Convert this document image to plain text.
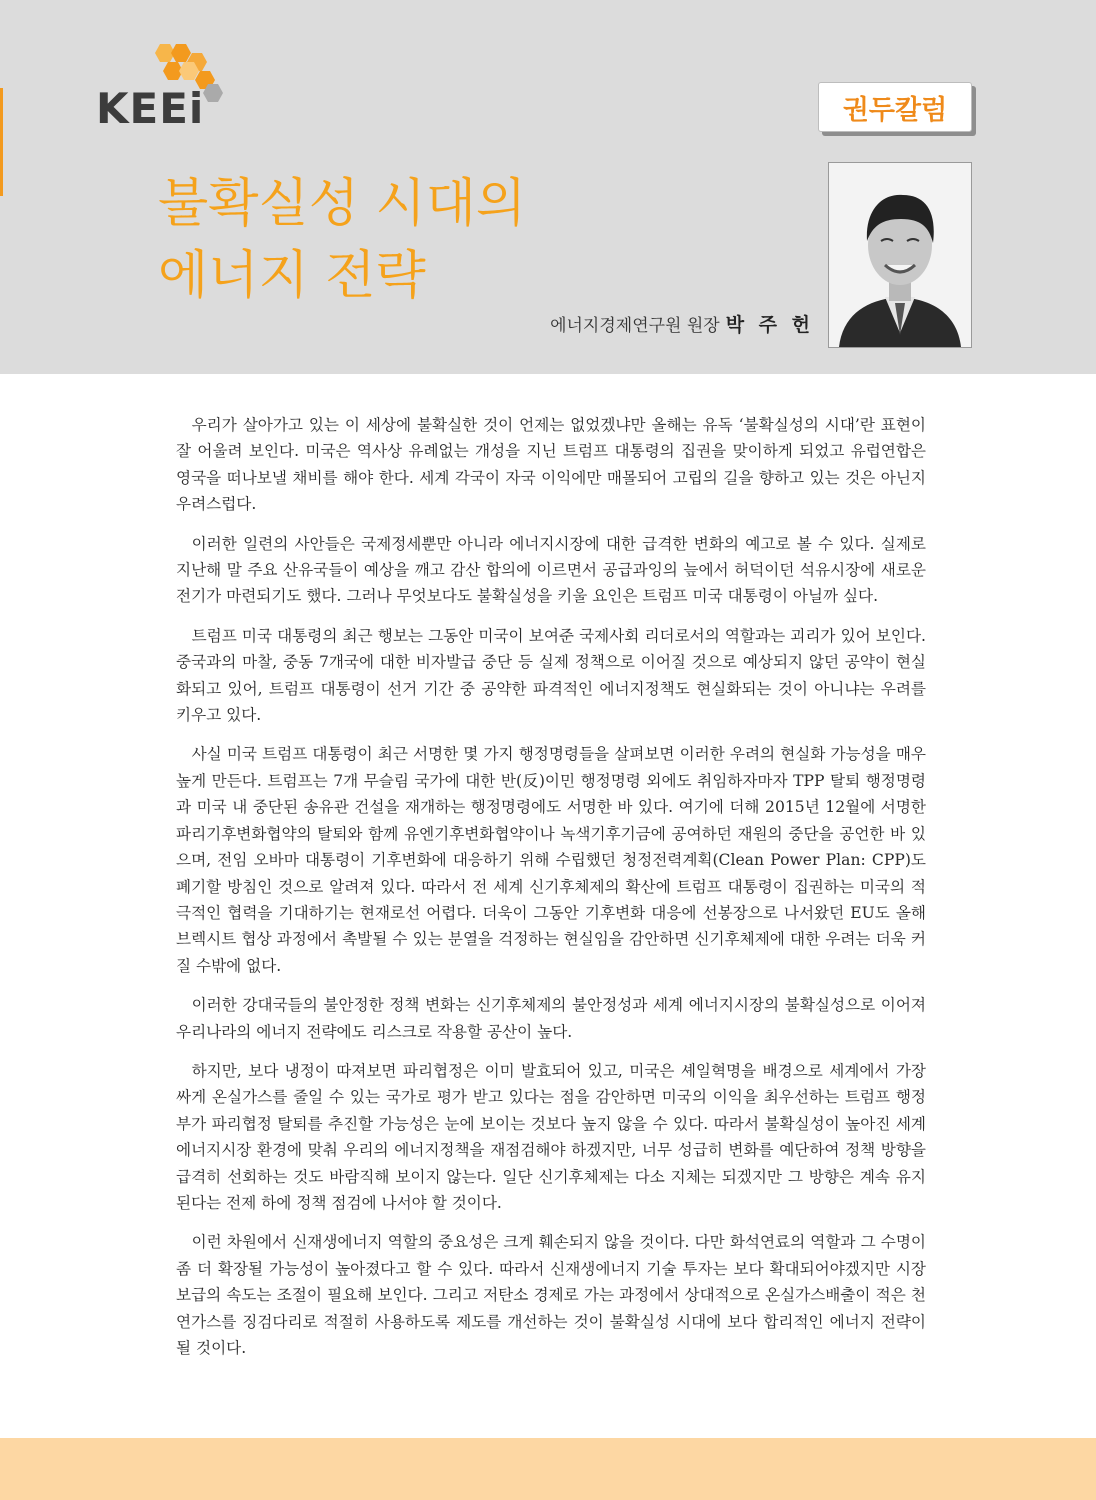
KEEi	권두칼럼
불확실성 시대의
에너지 전략
에너지경제연구원 원장 박 주 헌

우리가 살아가고 있는 이 세상에 불확실한 것이 언제는 없었겠냐만 올해는 유독 ‘불확실성의 시대’란 표현이 잘 어울려 보인다. 미국은 역사상 유례없는 개성을 지닌 트럼프 대통령의 집권을 맞이하게 되었고 유럽연합은 영국을 떠나보낼 채비를 해야 한다. 세계 각국이 자국 이익에만 매몰되어 고립의 길을 향하고 있는 것은 아닌지 우려스럽다.

이러한 일련의 사안들은 국제정세뿐만 아니라 에너지시장에 대한 급격한 변화의 예고로 볼 수 있다. 실제로 지난해 말 주요 산유국들이 예상을 깨고 감산 합의에 이르면서 공급과잉의 늪에서 허덕이던 석유시장에 새로운 전기가 마련되기도 했다. 그러나 무엇보다도 불확실성을 키울 요인은 트럼프 미국 대통령이 아닐까 싶다.

트럼프 미국 대통령의 최근 행보는 그동안 미국이 보여준 국제사회 리더로서의 역할과는 괴리가 있어 보인다. 중국과의 마찰, 중동 7개국에 대한 비자발급 중단 등 실제 정책으로 이어질 것으로 예상되지 않던 공약이 현실화되고 있어, 트럼프 대통령이 선거 기간 중 공약한 파격적인 에너지정책도 현실화되는 것이 아니냐는 우려를 키우고 있다.

사실 미국 트럼프 대통령이 최근 서명한 몇 가지 행정명령들을 살펴보면 이러한 우려의 현실화 가능성을 매우 높게 만든다. 트럼프는 7개 무슬림 국가에 대한 반(反)이민 행정명령 외에도 취임하자마자 TPP 탈퇴 행정명령과 미국 내 중단된 송유관 건설을 재개하는 행정명령에도 서명한 바 있다. 여기에 더해 2015년 12월에 서명한 파리기후변화협약의 탈퇴와 함께 유엔기후변화협약이나 녹색기후기금에 공여하던 재원의 중단을 공언한 바 있으며, 전임 오바마 대통령이 기후변화에 대응하기 위해 수립했던 청정전력계획(Clean Power Plan: CPP)도 폐기할 방침인 것으로 알려져 있다. 따라서 전 세계 신기후체제의 확산에 트럼프 대통령이 집권하는 미국의 적극적인 협력을 기대하기는 현재로선 어렵다. 더욱이 그동안 기후변화 대응에 선봉장으로 나서왔던 EU도 올해 브렉시트 협상 과정에서 촉발될 수 있는 분열을 걱정하는 현실임을 감안하면 신기후체제에 대한 우려는 더욱 커질 수밖에 없다.

이러한 강대국들의 불안정한 정책 변화는 신기후체제의 불안정성과 세계 에너지시장의 불확실성으로 이어져 우리나라의 에너지 전략에도 리스크로 작용할 공산이 높다.

하지만, 보다 냉정이 따져보면 파리협정은 이미 발효되어 있고, 미국은 셰일혁명을 배경으로 세계에서 가장 싸게 온실가스를 줄일 수 있는 국가로 평가 받고 있다는 점을 감안하면 미국의 이익을 최우선하는 트럼프 행정부가 파리협정 탈퇴를 추진할 가능성은 눈에 보이는 것보다 높지 않을 수 있다. 따라서 불확실성이 높아진 세계 에너지시장 환경에 맞춰 우리의 에너지정책을 재점검해야 하겠지만, 너무 성급히 변화를 예단하여 정책 방향을 급격히 선회하는 것도 바람직해 보이지 않는다. 일단 신기후체제는 다소 지체는 되겠지만 그 방향은 계속 유지된다는 전제 하에 정책 점검에 나서야 할 것이다.

이런 차원에서 신재생에너지 역할의 중요성은 크게 훼손되지 않을 것이다. 다만 화석연료의 역할과 그 수명이 좀 더 확장될 가능성이 높아졌다고 할 수 있다. 따라서 신재생에너지 기술 투자는 보다 확대되어야겠지만 시장 보급의 속도는 조절이 필요해 보인다. 그리고 저탄소 경제로 가는 과정에서 상대적으로 온실가스배출이 적은 천연가스를 징검다리로 적절히 사용하도록 제도를 개선하는 것이 불확실성 시대에 보다 합리적인 에너지 전략이 될 것이다.
